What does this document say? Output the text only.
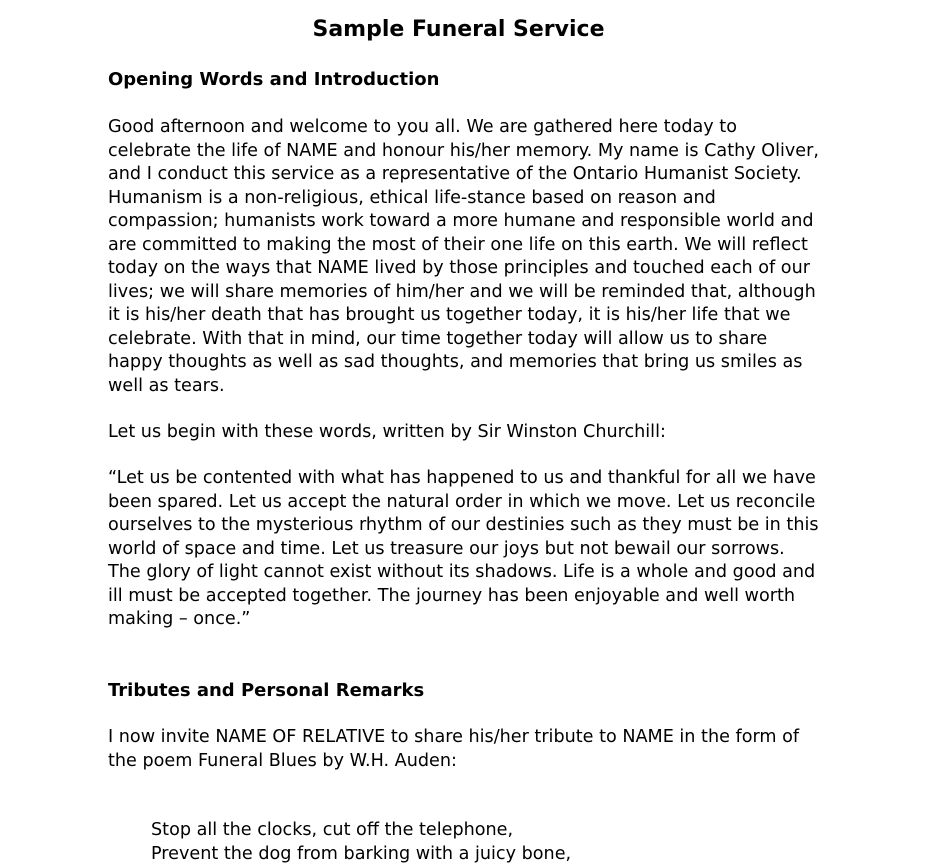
Sample Funeral Service
Opening Words and Introduction
Good afternoon and welcome to you all. We are gathered here today to
celebrate the life of NAME and honour his/her memory. My name is Cathy Oliver,
and I conduct this service as a representative of the Ontario Humanist Society.
Humanism is a non-religious, ethical life-stance based on reason and
compassion; humanists work toward a more humane and responsible world and
are committed to making the most of their one life on this earth. We will reflect
today on the ways that NAME lived by those principles and touched each of our
lives; we will share memories of him/her and we will be reminded that, although
it is his/her death that has brought us together today, it is his/her life that we
celebrate. With that in mind, our time together today will allow us to share
happy thoughts as well as sad thoughts, and memories that bring us smiles as
well as tears.
Let us begin with these words, written by Sir Winston Churchill:
“Let us be contented with what has happened to us and thankful for all we have
been spared. Let us accept the natural order in which we move. Let us reconcile
ourselves to the mysterious rhythm of our destinies such as they must be in this
world of space and time. Let us treasure our joys but not bewail our sorrows.
The glory of light cannot exist without its shadows. Life is a whole and good and
ill must be accepted together. The journey has been enjoyable and well worth
making – once.”
Tributes and Personal Remarks
I now invite NAME OF RELATIVE to share his/her tribute to NAME in the form of
the poem Funeral Blues by W.H. Auden:
Stop all the clocks, cut off the telephone,
Prevent the dog from barking with a juicy bone,
